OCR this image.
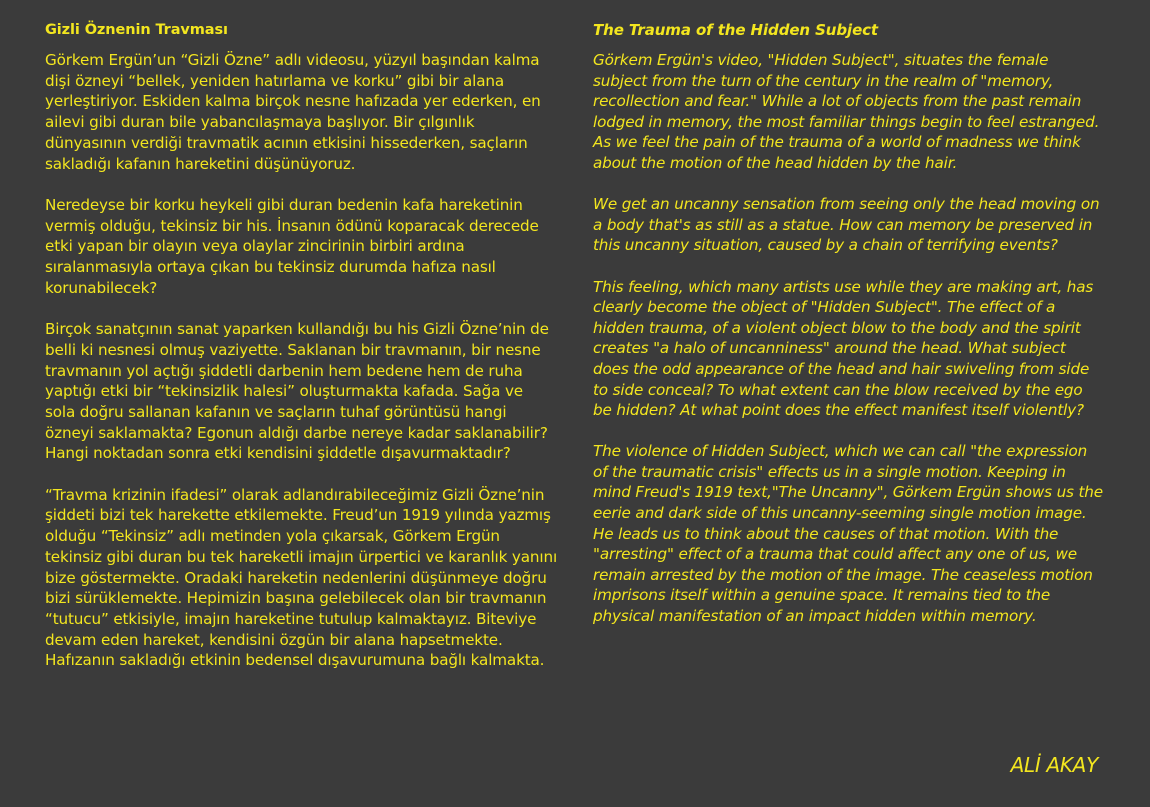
Gizli Öznenin Travması

Görkem Ergün’un “Gizli Özne” adlı videosu, yüzyıl başından kalma dişi özneyi “bellek, yeniden hatırlama ve korku” gibi bir alana yerleştiriyor. Eskiden kalma birçok nesne hafızada yer ederken, en ailevi gibi duran bile yabancılaşmaya başlıyor. Bir çılgınlık dünyasının verdiği travmatik acının etkisini hissederken, saçların sakladığı kafanın hareketini düşünüyoruz.

Neredeyse bir korku heykeli gibi duran bedenin kafa hareketinin vermiş olduğu, tekinsiz bir his. İnsanın ödünü koparacak derecede etki yapan bir olayın veya olaylar zincirinin birbiri ardına sıralanmasıyla ortaya çıkan bu tekinsiz durumda hafıza nasıl korunabilecek?

Birçok sanatçının sanat yaparken kullandığı bu his Gizli Özne’nin de belli ki nesnesi olmuş vaziyette. Saklanan bir travmanın, bir nesne travmanın yol açtığı şiddetli darbenin hem bedene hem de ruha yaptığı etki bir “tekinsizlik halesi” oluşturmakta kafada. Sağa ve sola doğru sallanan kafanın ve saçların tuhaf görüntüsü hangi özneyi saklamakta? Egonun aldığı darbe nereye kadar saklanabilir? Hangi noktadan sonra etki kendisini şiddetle dışavurmaktadır?

“Travma krizinin ifadesi” olarak adlandırabileceğimiz Gizli Özne’nin şiddeti bizi tek harekette etkilemekte. Freud’un 1919 yılında yazmış olduğu “Tekinsiz” adlı metinden yola çıkarsak, Görkem Ergün tekinsiz gibi duran bu tek hareketli imajın ürpertici ve karanlık yanını bize göstermekte. Oradaki hareketin nedenlerini düşünmeye doğru bizi sürüklemekte. Hepimizin başına gelebilecek olan bir travmanın “tutucu” etkisiyle, imajın hareketine tutulup kalmaktayız. Biteviye devam eden hareket, kendisini özgün bir alana hapsetmekte. Hafızanın sakladığı etkinin bedensel dışavurumuna bağlı kalmakta.

The Trauma of the Hidden Subject

Görkem Ergün's video, "Hidden Subject", situates the female subject from the turn of the century in the realm of "memory, recollection and fear." While a lot of objects from the past remain lodged in memory, the most familiar things begin to feel estranged. As we feel the pain of the trauma of a world of madness we think about the motion of the head hidden by the hair.

We get an uncanny sensation from seeing only the head moving on a body that's as still as a statue. How can memory be preserved in this uncanny situation, caused by a chain of terrifying events?

This feeling, which many artists use while they are making art, has clearly become the object of "Hidden Subject". The effect of a hidden trauma, of a violent object blow to the body and the spirit creates "a halo of uncanniness" around the head. What subject does the odd appearance of the head and hair swiveling from side to side conceal? To what extent can the blow received by the ego be hidden? At what point does the effect manifest itself violently?

The violence of Hidden Subject, which we can call "the expression of the traumatic crisis" effects us in a single motion. Keeping in mind Freud's 1919 text,"The Uncanny", Görkem Ergün shows us the eerie and dark side of this uncanny-seeming single motion image. He leads us to think about the causes of that motion. With the "arresting" effect of a trauma that could affect any one of us, we remain arrested by the motion of the image. The ceaseless motion imprisons itself within a genuine space. It remains tied to the physical manifestation of an impact hidden within memory.

ALİ AKAY
